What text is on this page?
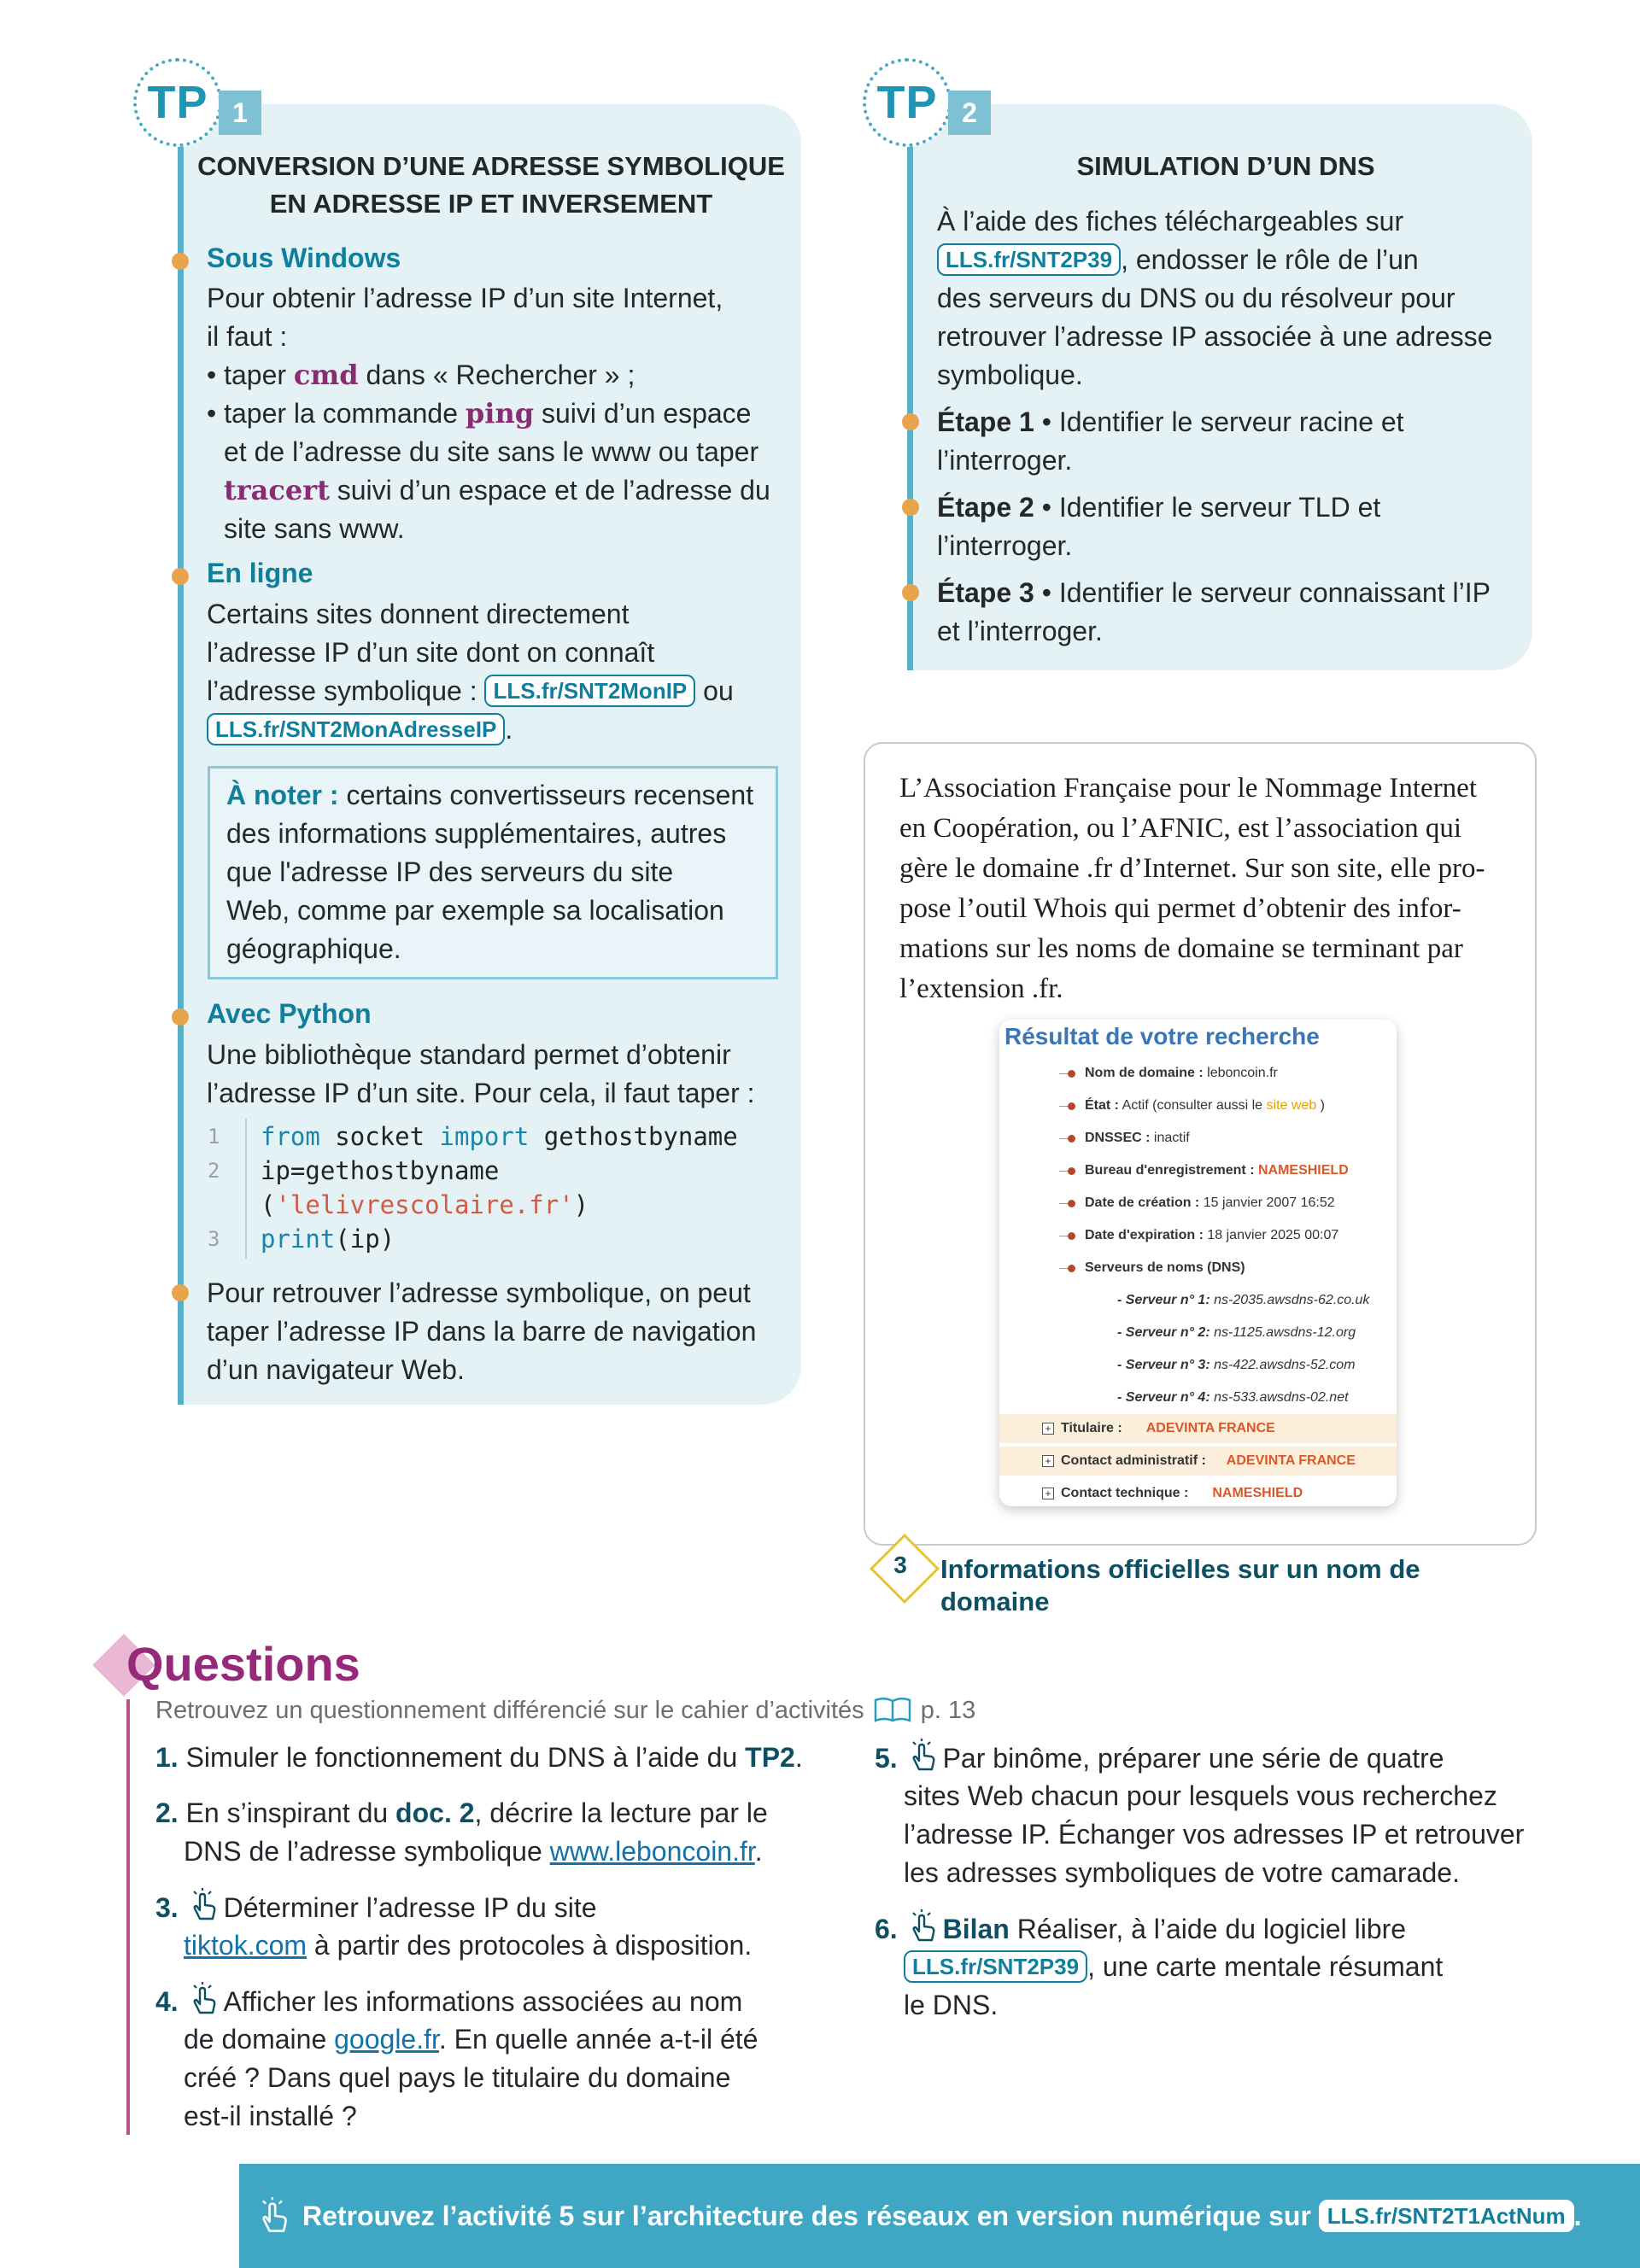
TP 1
CONVERSION D’UNE ADRESSE SYMBOLIQUE
EN ADRESSE IP ET INVERSEMENT
Sous Windows
Pour obtenir l’adresse IP d’un site Internet,
il faut :
• taper cmd dans « Rechercher » ;
• taper la commande ping suivi d’un espace
et de l’adresse du site sans le www ou taper
tracert suivi d’un espace et de l’adresse du
site sans www.
En ligne
Certains sites donnent directement
l’adresse IP d’un site dont on connaît
l’adresse symbolique : LLS.fr/SNT2MonIP ou
LLS.fr/SNT2MonAdresseIP .
À noter : certains convertisseurs recensent
des informations supplémentaires, autres
que l'adresse IP des serveurs du site
Web, comme par exemple sa localisation
géographique.
Avec Python
Une bibliothèque standard permet d’obtenir
l’adresse IP d’un site. Pour cela, il faut taper :
1
2
3
from socket import gethostbyname
ip=gethostbyname
('lelivrescolaire.fr')
print(ip)
Pour retrouver l’adresse symbolique, on peut
taper l’adresse IP dans la barre de navigation
d’un navigateur Web.
TP 2
SIMULATION D’UN DNS
À l’aide des fiches téléchargeables sur
LLS.fr/SNT2P39 , endosser le rôle de l’un
des serveurs du DNS ou du résolveur pour
retrouver l’adresse IP associée à une adresse
symbolique.
Étape 1 • Identifier le serveur racine et
l’interroger.
Étape 2 • Identifier le serveur TLD et
l’interroger.
Étape 3 • Identifier le serveur connaissant l’IP
et l’interroger.
L’Association Française pour le Nommage Internet
en Coopération, ou l’AFNIC, est l’association qui
gère le domaine .fr d’Internet. Sur son site, elle pro-
pose l’outil Whois qui permet d’obtenir des infor-
mations sur les noms de domaine se terminant par
l’extension .fr.
Résultat de votre recherche
Nom de domaine : leboncoin.fr
État : Actif (consulter aussi le site web )
DNSSEC : inactif
Bureau d'enregistrement : NAMESHIELD
Date de création : 15 janvier 2007 16:52
Date d'expiration : 18 janvier 2025 00:07
Serveurs de noms (DNS)
- Serveur n° 1: ns-2035.awsdns-62.co.uk
- Serveur n° 2: ns-1125.awsdns-12.org
- Serveur n° 3: ns-422.awsdns-52.com
- Serveur n° 4: ns-533.awsdns-02.net
+ Titulaire : ADEVINTA FRANCE
+ Contact administratif : ADEVINTA FRANCE
+ Contact technique : NAMESHIELD
3	Informations officielles sur un nom de
domaine
Questions
Retrouvez un questionnement différencié sur le cahier d’activités p. 13
1. Simuler le fonctionnement du DNS à l’aide du TP2.
2. En s’inspirant du doc. 2, décrire la lecture par le
DNS de l’adresse symbolique www.leboncoin.fr.
3. Déterminer l’adresse IP du site
tiktok.com à partir des protocoles à disposition.
4. Afficher les informations associées au nom
de domaine google.fr. En quelle année a-t-il été
créé ? Dans quel pays le titulaire du domaine
est-il installé ?
5. Par binôme, préparer une série de quatre
sites Web chacun pour lesquels vous recherchez
l’adresse IP. Échanger vos adresses IP et retrouver
les adresses symboliques de votre camarade.
6. Bilan Réaliser, à l’aide du logiciel libre
LLS.fr/SNT2P39 , une carte mentale résumant
le DNS.
Retrouvez l’activité 5 sur l’architecture des réseaux en version numérique sur LLS.fr/SNT2T1ActNum .
